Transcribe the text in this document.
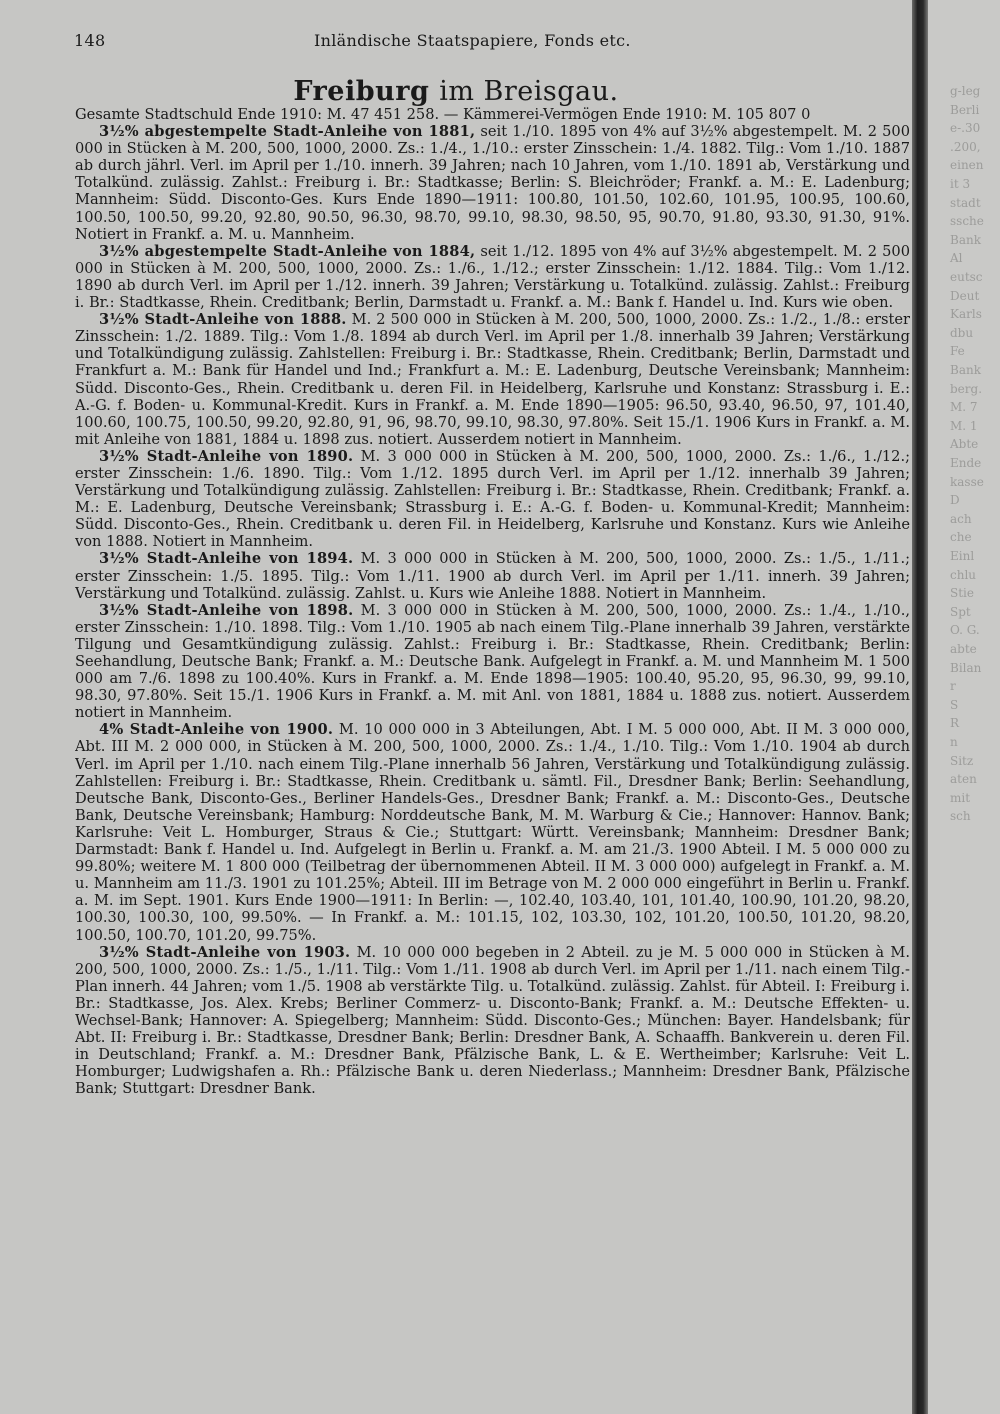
148	Inländische Staatspapiere, Fonds etc.
Freiburg im Breisgau.

Gesamte Stadtschuld Ende 1910: M. 47 451 258. — Kämmerei-Vermögen Ende 1910: M. 105 807 0

3½% abgestempelte Stadt-Anleihe von 1881, seit 1./10. 1895 von 4% auf 3½% abgestempelt. M. 2 500 000 in Stücken à M. 200, 500, 1000, 2000. Zs.: 1./4., 1./10.: erster Zinsschein: 1./4. 1882. Tilg.: Vom 1./10. 1887 ab durch jährl. Verl. im April per 1./10. innerh. 39 Jahren; nach 10 Jahren, vom 1./10. 1891 ab, Verstärkung und Totalkünd. zulässig. Zahlst.: Freiburg i. Br.: Stadtkasse; Berlin: S. Bleichröder; Frankf. a. M.: E. Ladenburg; Mannheim: Südd. Disconto-Ges. Kurs Ende 1890—1911: 100.80, 101.50, 102.60, 101.95, 100.95, 100.60, 100.50, 100.50, 99.20, 92.80, 90.50, 96.30, 98.70, 99.10, 98.30, 98.50, 95, 90.70, 91.80, 93.30, 91.30, 91%. Notiert in Frankf. a. M. u. Mannheim.

3½% abgestempelte Stadt-Anleihe von 1884, seit 1./12. 1895 von 4% auf 3½% abgestempelt. M. 2 500 000 in Stücken à M. 200, 500, 1000, 2000. Zs.: 1./6., 1./12.; erster Zinsschein: 1./12. 1884. Tilg.: Vom 1./12. 1890 ab durch Verl. im April per 1./12. innerh. 39 Jahren; Verstärkung u. Totalkünd. zulässig. Zahlst.: Freiburg i. Br.: Stadtkasse, Rhein. Creditbank; Berlin, Darmstadt u. Frankf. a. M.: Bank f. Handel u. Ind. Kurs wie oben.

3½% Stadt-Anleihe von 1888. M. 2 500 000 in Stücken à M. 200, 500, 1000, 2000. Zs.: 1./2., 1./8.: erster Zinsschein: 1./2. 1889. Tilg.: Vom 1./8. 1894 ab durch Verl. im April per 1./8. innerhalb 39 Jahren; Verstärkung und Totalkündigung zulässig. Zahlstellen: Freiburg i. Br.: Stadtkasse, Rhein. Creditbank; Berlin, Darmstadt und Frankfurt a. M.: Bank für Handel und Ind.; Frankfurt a. M.: E. Ladenburg, Deutsche Vereinsbank; Mannheim: Südd. Disconto-Ges., Rhein. Creditbank u. deren Fil. in Heidelberg, Karlsruhe und Konstanz: Strassburg i. E.: A.-G. f. Boden- u. Kommunal-Kredit. Kurs in Frankf. a. M. Ende 1890—1905: 96.50, 93.40, 96.50, 97, 101.40, 100.60, 100.75, 100.50, 99.20, 92.80, 91, 96, 98.70, 99.10, 98.30, 97.80%. Seit 15./1. 1906 Kurs in Frankf. a. M. mit Anleihe von 1881, 1884 u. 1898 zus. notiert. Ausserdem notiert in Mannheim.

3½% Stadt-Anleihe von 1890. M. 3 000 000 in Stücken à M. 200, 500, 1000, 2000. Zs.: 1./6., 1./12.; erster Zinsschein: 1./6. 1890. Tilg.: Vom 1./12. 1895 durch Verl. im April per 1./12. innerhalb 39 Jahren; Verstärkung und Totalkündigung zulässig. Zahlstellen: Freiburg i. Br.: Stadtkasse, Rhein. Creditbank; Frankf. a. M.: E. Ladenburg, Deutsche Vereinsbank; Strassburg i. E.: A.-G. f. Boden- u. Kommunal-Kredit; Mannheim: Südd. Disconto-Ges., Rhein. Creditbank u. deren Fil. in Heidelberg, Karlsruhe und Konstanz. Kurs wie Anleihe von 1888. Notiert in Mannheim.

3½% Stadt-Anleihe von 1894. M. 3 000 000 in Stücken à M. 200, 500, 1000, 2000. Zs.: 1./5., 1./11.; erster Zinsschein: 1./5. 1895. Tilg.: Vom 1./11. 1900 ab durch Verl. im April per 1./11. innerh. 39 Jahren; Verstärkung und Totalkünd. zulässig. Zahlst. u. Kurs wie Anleihe 1888. Notiert in Mannheim.

3½% Stadt-Anleihe von 1898. M. 3 000 000 in Stücken à M. 200, 500, 1000, 2000. Zs.: 1./4., 1./10., erster Zinsschein: 1./10. 1898. Tilg.: Vom 1./10. 1905 ab nach einem Tilg.-Plane innerhalb 39 Jahren, verstärkte Tilgung und Gesamtkündigung zulässig. Zahlst.: Freiburg i. Br.: Stadtkasse, Rhein. Creditbank; Berlin: Seehandlung, Deutsche Bank; Frankf. a. M.: Deutsche Bank. Aufgelegt in Frankf. a. M. und Mannheim M. 1 500 000 am 7./6. 1898 zu 100.40%. Kurs in Frankf. a. M. Ende 1898—1905: 100.40, 95.20, 95, 96.30, 99, 99.10, 98.30, 97.80%. Seit 15./1. 1906 Kurs in Frankf. a. M. mit Anl. von 1881, 1884 u. 1888 zus. notiert. Ausserdem notiert in Mannheim.

4% Stadt-Anleihe von 1900. M. 10 000 000 in 3 Abteilungen, Abt. I M. 5 000 000, Abt. II M. 3 000 000, Abt. III M. 2 000 000, in Stücken à M. 200, 500, 1000, 2000. Zs.: 1./4., 1./10. Tilg.: Vom 1./10. 1904 ab durch Verl. im April per 1./10. nach einem Tilg.-Plane innerhalb 56 Jahren, Verstärkung und Totalkündigung zulässig. Zahlstellen: Freiburg i. Br.: Stadtkasse, Rhein. Creditbank u. sämtl. Fil., Dresdner Bank; Berlin: Seehandlung, Deutsche Bank, Disconto-Ges., Berliner Handels-Ges., Dresdner Bank; Frankf. a. M.: Disconto-Ges., Deutsche Bank, Deutsche Vereinsbank; Hamburg: Norddeutsche Bank, M. M. Warburg & Cie.; Hannover: Hannov. Bank; Karlsruhe: Veit L. Homburger, Straus & Cie.; Stuttgart: Württ. Vereinsbank; Mannheim: Dresdner Bank; Darmstadt: Bank f. Handel u. Ind. Aufgelegt in Berlin u. Frankf. a. M. am 21./3. 1900 Abteil. I M. 5 000 000 zu 99.80%; weitere M. 1 800 000 (Teilbetrag der übernommenen Abteil. II M. 3 000 000) aufgelegt in Frankf. a. M. u. Mannheim am 11./3. 1901 zu 101.25%; Abteil. III im Betrage von M. 2 000 000 eingeführt in Berlin u. Frankf. a. M. im Sept. 1901. Kurs Ende 1900—1911: In Berlin: —, 102.40, 103.40, 101, 101.40, 100.90, 101.20, 98.20, 100.30, 100.30, 100, 99.50%. — In Frankf. a. M.: 101.15, 102, 103.30, 102, 101.20, 100.50, 101.20, 98.20, 100.50, 100.70, 101.20, 99.75%.

3½% Stadt-Anleihe von 1903. M. 10 000 000 begeben in 2 Abteil. zu je M. 5 000 000 in Stücken à M. 200, 500, 1000, 2000. Zs.: 1./5., 1./11. Tilg.: Vom 1./11. 1908 ab durch Verl. im April per 1./11. nach einem Tilg.-Plan innerh. 44 Jahren; vom 1./5. 1908 ab verstärkte Tilg. u. Totalkünd. zulässig. Zahlst. für Abteil. I: Freiburg i. Br.: Stadtkasse, Jos. Alex. Krebs; Berliner Commerz- u. Disconto-Bank; Frankf. a. M.: Deutsche Effekten- u. Wechsel-Bank; Hannover: A. Spiegelberg; Mannheim: Südd. Disconto-Ges.; München: Bayer. Handelsbank; für Abt. II: Freiburg i. Br.: Stadtkasse, Dresdner Bank; Berlin: Dresdner Bank, A. Schaaffh. Bankverein u. deren Fil. in Deutschland; Frankf. a. M.: Dresdner Bank, Pfälzische Bank, L. & E. Wertheimber; Karlsruhe: Veit L. Homburger; Ludwigshafen a. Rh.: Pfälzische Bank u. deren Niederlass.; Mannheim: Dresdner Bank, Pfälzische Bank; Stuttgart: Dresdner Bank.

g-leg
Berli
e-.30
.200,
einen
it 3
stadt
ssche
Bank
Al
eutsc
Deut
Karls
dbu
Fe
Bank
berg.
M. 7
M. 1
Abte
Ende
kasse
D
ach
che
Einl
chlu
Stie
Spt
O. G.
abte
Bilan
r
S
R
n
Sitz
aten
mit
sch
